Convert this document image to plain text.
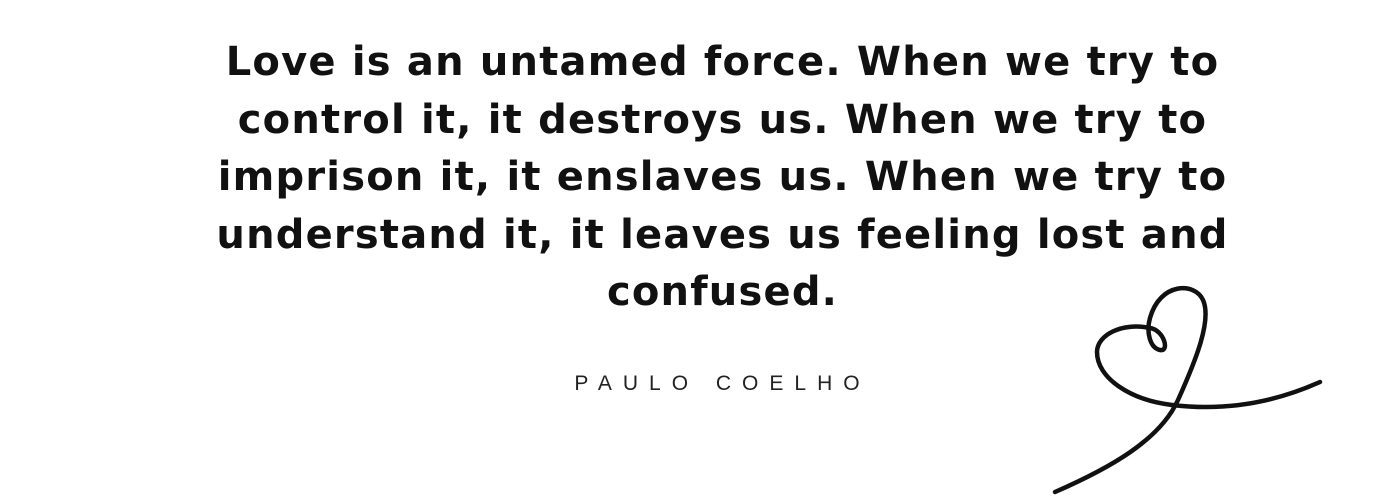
Love is an untamed force. When we try to control it, it destroys us. When we try to imprison it, it enslaves us. When we try to understand it, it leaves us feeling lost and confused.

PAULO COELHO
